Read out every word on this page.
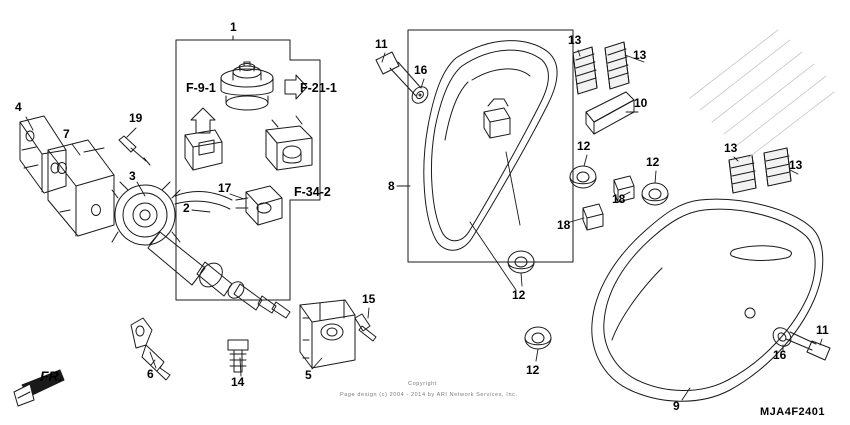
1
2
3
4
5
6
7
8
9
10
11
11
12
12
12
12
13
13
13
13
14
15
16
16
17
18
18
19
F-9-1	F-21-1
F-34-2
FR.	Copyright
Page design (c) 2004 - 2014 by ARI Network Services, Inc.
MJA4F2401
